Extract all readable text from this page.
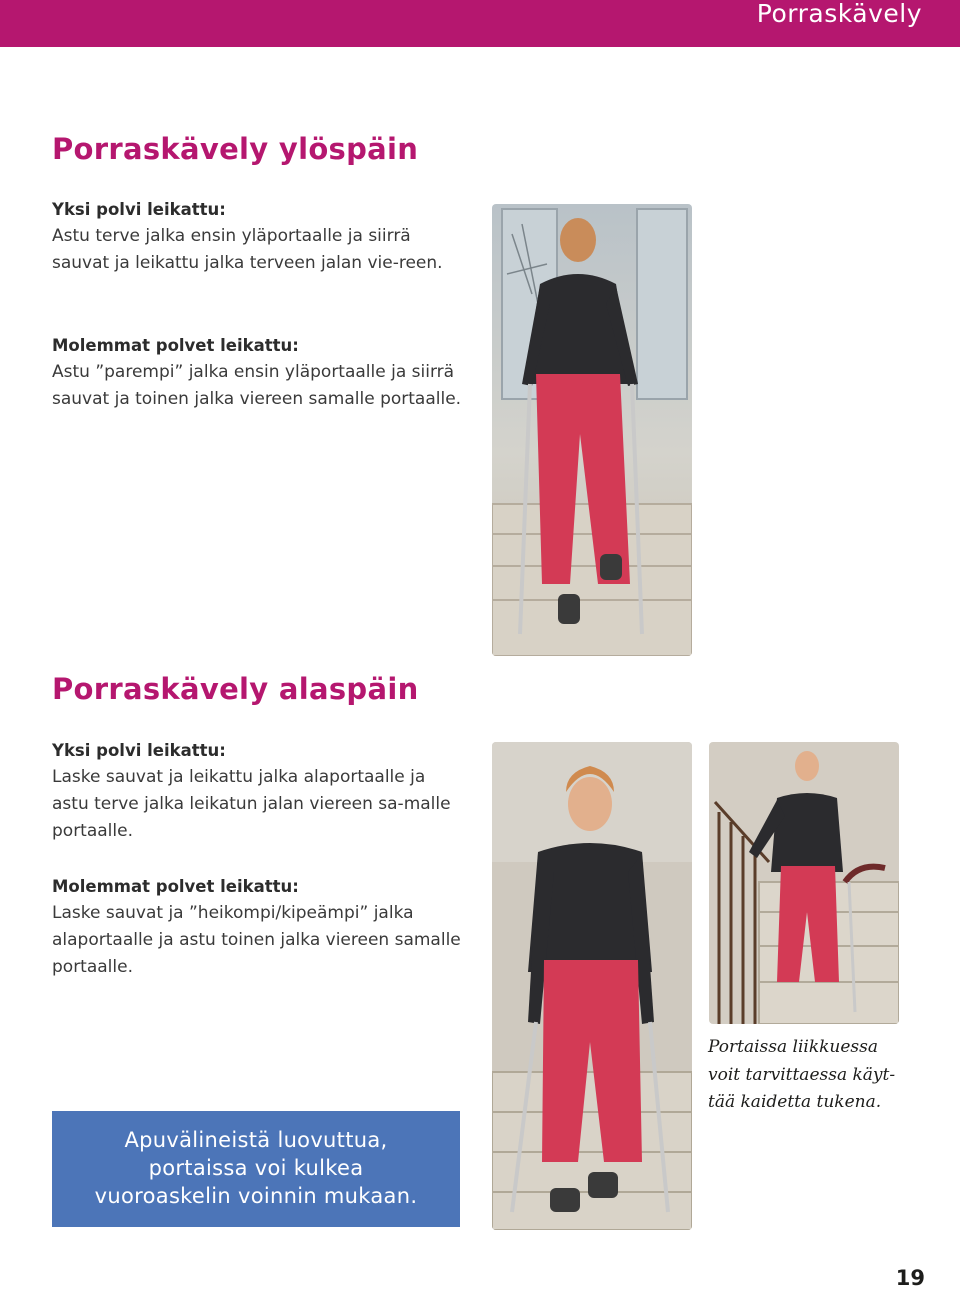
Porraskävely
Porraskävely ylöspäin
Yksi polvi leikattu:
Astu terve jalka ensin yläportaalle ja siirrä sauvat ja leikattu jalka terveen jalan vie-reen.
Molemmat polvet leikattu:
Astu ”parempi” jalka ensin yläportaalle ja siirrä sauvat ja toinen jalka viereen samalle portaalle.
Porraskävely alaspäin
Yksi polvi leikattu:
Laske sauvat ja leikattu jalka alaportaalle ja astu terve jalka leikatun jalan viereen sa-malle portaalle.
Molemmat polvet leikattu:
Laske sauvat ja ”heikompi/kipeämpi” jalka alaportaalle ja astu toinen jalka viereen samalle portaalle.
Portaissa liikkuessa voit tarvittaessa käyt-tää kaidetta tukena.
Apuvälineistä luovuttua,
portaissa voi kulkea
vuoroaskelin voinnin mukaan.
19
